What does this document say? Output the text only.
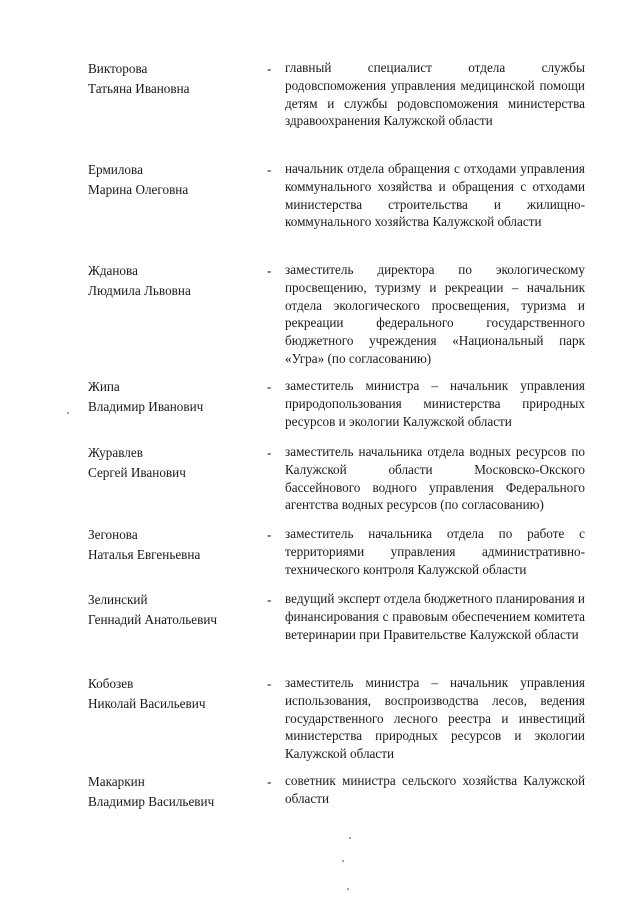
Викторова
Татьяна Ивановна
- главный специалист отдела службы родовспоможения управления медицинской помощи детям и службы родовспоможения министерства здравоохранения Калужской области
Ермилова
Марина Олеговна
- начальник отдела обращения с отходами управления коммунального хозяйства и обращения с отходами министерства строительства и жилищно-коммунального хозяйства Калужской области
Жданова
Людмила Львовна
- заместитель директора по экологическому просвещению, туризму и рекреации – начальник отдела экологического просвещения, туризма и рекреации федерального государственного бюджетного учреждения «Национальный парк «Угра» (по согласованию)
Жипа
Владимир Иванович
- заместитель министра – начальник управления природопользования министерства природных ресурсов и экологии Калужской области
Журавлев
Сергей Иванович
- заместитель начальника отдела водных ресурсов по Калужской области Московско-Окского бассейнового водного управления Федерального агентства водных ресурсов (по согласованию)
Зегонова
Наталья Евгеньевна
- заместитель начальника отдела по работе с территориями управления административно-технического контроля Калужской области
Зелинский
Геннадий Анатольевич
- ведущий эксперт отдела бюджетного планирования и финансирования с правовым обеспечением комитета ветеринарии при Правительстве Калужской области
Кобозев
Николай Васильевич
- заместитель министра – начальник управления использования, воспроизводства лесов, ведения государственного лесного реестра и инвестиций министерства природных ресурсов и экологии Калужской области
Макаркин
Владимир Васильевич
- советник министра сельского хозяйства Калужской области
